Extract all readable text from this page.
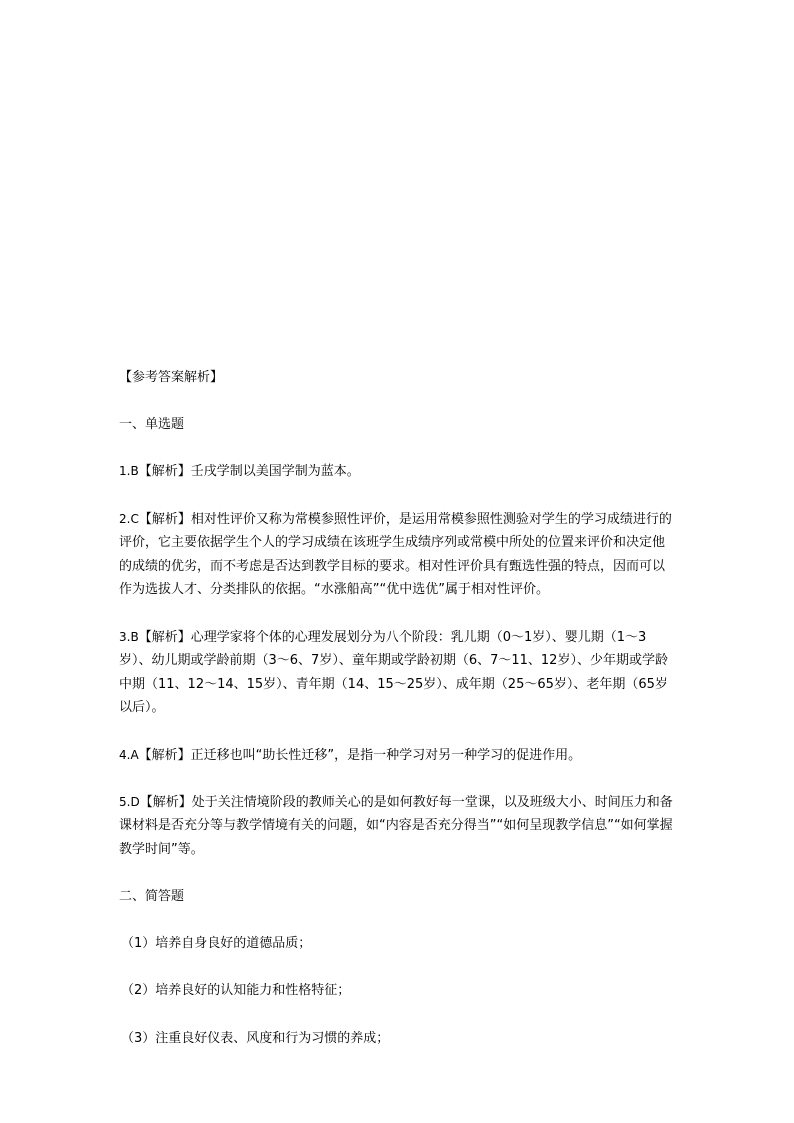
【参考答案解析】
一、单选题
1.B【解析】壬戌学制以美国学制为蓝本。
2.C【解析】相对性评价又称为常模参照性评价，是运用常模参照性测验对学生的学习成绩进行的评价，它主要依据学生个人的学习成绩在该班学生成绩序列或常模中所处的位置来评价和决定他的成绩的优劣，而不考虑是否达到教学目标的要求。相对性评价具有甄选性强的特点，因而可以作为选拔人才、分类排队的依据。“水涨船高”“优中选优”属于相对性评价。
3.B【解析】心理学家将个体的心理发展划分为八个阶段：乳儿期（0～1岁）、婴儿期（1～3岁）、幼儿期或学龄前期（3～6、7岁）、童年期或学龄初期（6、7～11、12岁）、少年期或学龄中期（11、12～14、15岁）、青年期（14、15～25岁）、成年期（25～65岁）、老年期（65岁以后）。
4.A【解析】正迁移也叫“助长性迁移”，是指一种学习对另一种学习的促进作用。
5.D【解析】处于关注情境阶段的教师关心的是如何教好每一堂课，以及班级大小、时间压力和备课材料是否充分等与教学情境有关的问题，如“内容是否充分得当”“如何呈现教学信息”“如何掌握教学时间”等。
二、简答题
（1）培养自身良好的道德品质；
（2）培养良好的认知能力和性格特征；
（3）注重良好仪表、风度和行为习惯的养成；
